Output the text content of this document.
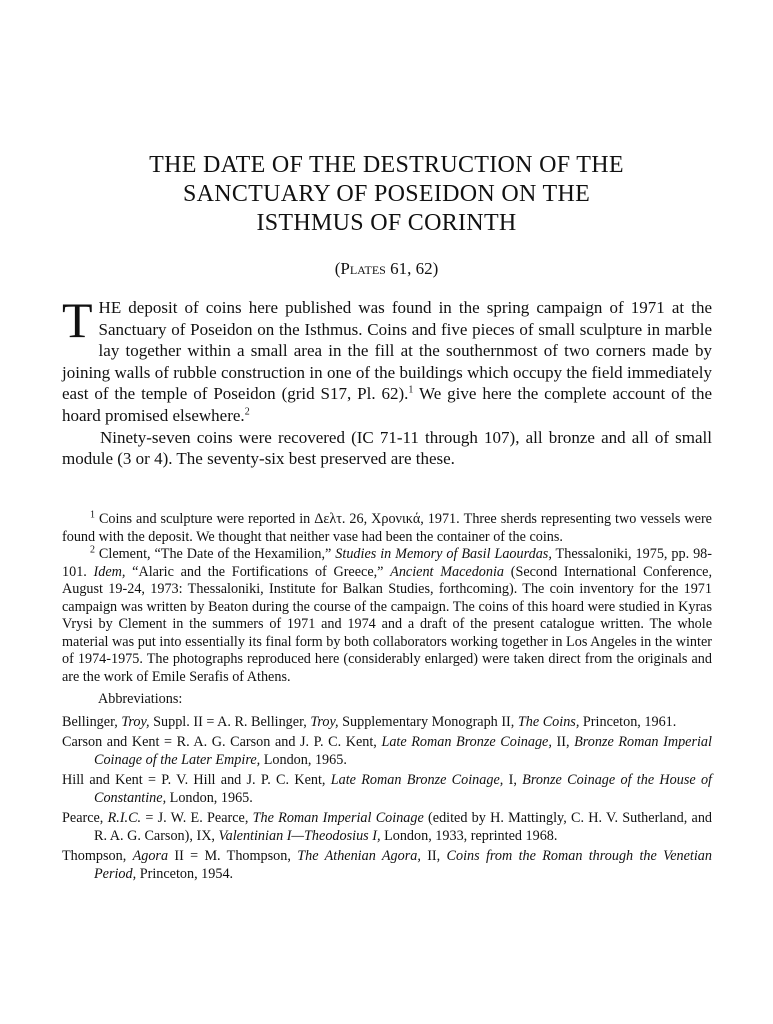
THE DATE OF THE DESTRUCTION OF THE
SANCTUARY OF POSEIDON ON THE
ISTHMUS OF CORINTH
(Plates 61, 62)

THE deposit of coins here published was found in the spring campaign of 1971 at the Sanctuary of Poseidon on the Isthmus. Coins and five pieces of small sculpture in marble lay together within a small area in the fill at the southernmost of two corners made by joining walls of rubble construction in one of the buildings which occupy the field immediately east of the temple of Poseidon (grid S17, Pl. 62).$^1$ We give here the complete account of the hoard promised elsewhere.$^2$

Ninety-seven coins were recovered (IC 71-11 through 107), all bronze and all of small module (3 or 4). The seventy-six best preserved are these.

$^1$ Coins and sculpture were reported in Δελτ. 26, Χρονικά, 1971. Three sherds representing two vessels were found with the deposit. We thought that neither vase had been the container of the coins.

$^2$ Clement, “The Date of the Hexamilion,” Studies in Memory of Basil Laourdas, Thessaloniki, 1975, pp. 98-101. Idem, “Alaric and the Fortifications of Greece,” Ancient Macedonia (Second International Conference, August 19-24, 1973: Thessaloniki, Institute for Balkan Studies, forthcoming). The coin inventory for the 1971 campaign was written by Beaton during the course of the campaign. The coins of this hoard were studied in Kyras Vrysi by Clement in the summers of 1971 and 1974 and a draft of the present catalogue written. The whole material was put into essentially its final form by both collaborators working together in Los Angeles in the winter of 1974-1975. The photographs reproduced here (considerably enlarged) were taken direct from the originals and are the work of Emile Serafis of Athens.

Abbreviations:

Bellinger, Troy, Suppl. II = A. R. Bellinger, Troy, Supplementary Monograph II, The Coins, Princeton, 1961.

Carson and Kent = R. A. G. Carson and J. P. C. Kent, Late Roman Bronze Coinage, II, Bronze Roman Imperial Coinage of the Later Empire, London, 1965.

Hill and Kent = P. V. Hill and J. P. C. Kent, Late Roman Bronze Coinage, I, Bronze Coinage of the House of Constantine, London, 1965.

Pearce, R.I.C. = J. W. E. Pearce, The Roman Imperial Coinage (edited by H. Mattingly, C. H. V. Sutherland, and R. A. G. Carson), IX, Valentinian I—Theodosius I, London, 1933, reprinted 1968.

Thompson, Agora II = M. Thompson, The Athenian Agora, II, Coins from the Roman through the Venetian Period, Princeton, 1954.
